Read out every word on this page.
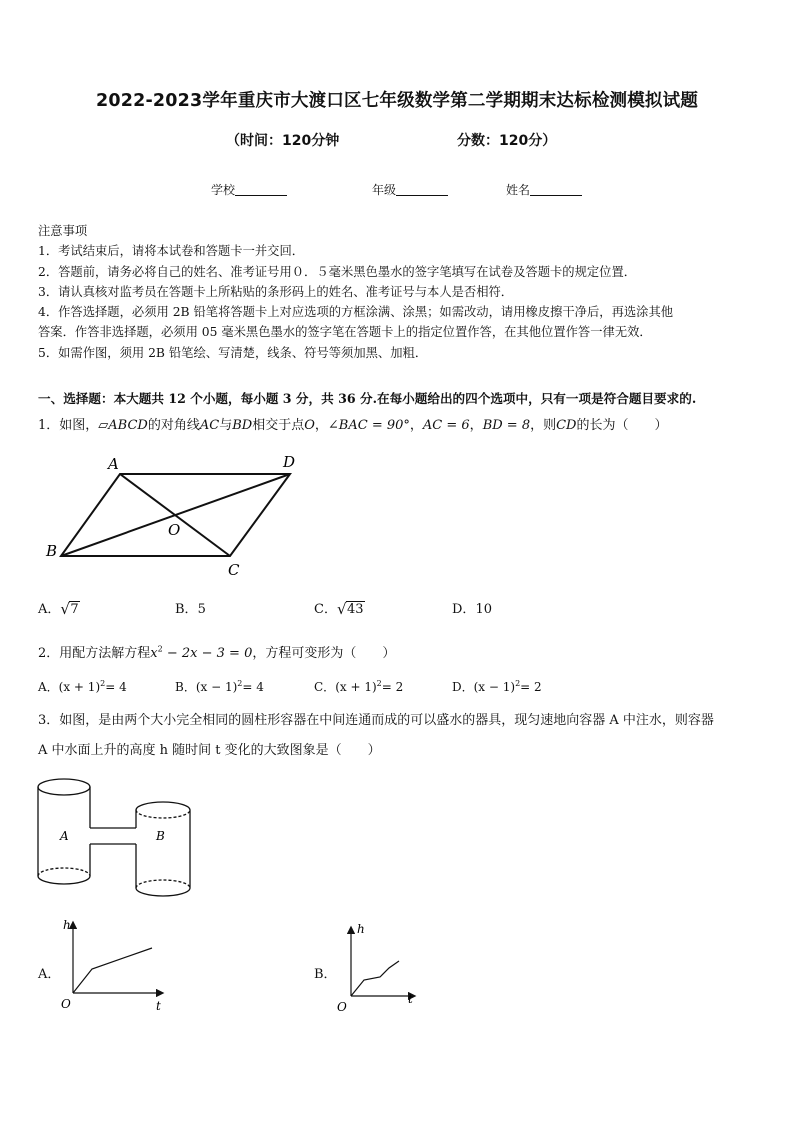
2022-2023学年重庆市大渡口区七年级数学第二学期期末达标检测模拟试题
（时间：120分钟	分数：120分）
学校	年级	姓名
注意事项
1．考试结束后，请将本试卷和答题卡一并交回．
2．答题前，请务必将自己的姓名、准考证号用０．５毫米黑色墨水的签字笔填写在试卷及答题卡的规定位置．
3．请认真核对监考员在答题卡上所粘贴的条形码上的姓名、准考证号与本人是否相符．
4．作答选择题，必须用 2B 铅笔将答题卡上对应选项的方框涂满、涂黑；如需改动，请用橡皮擦干净后，再选涂其他
答案．作答非选择题，必须用 05 毫米黑色墨水的签字笔在答题卡上的指定位置作答，在其他位置作答一律无效．
5．如需作图，须用 2B 铅笔绘、写清楚，线条、符号等须加黑、加粗．
一、选择题：本大题共 12 个小题，每小题 3 分，共 36 分.在每小题给出的四个选项中，只有一项是符合题目要求的.
1．如图，▱ABCD的对角线AC与BD相交于点O，∠BAC = 90°，AC = 6，BD = 8，则CD的长为（　　）
A	D
O
B
C
A． √ 7	B．5	C． √ 43	D．10
2．用配方法解方程$x^2 - 2x - 3 = 0$，方程可变形为（　　）
A．$(x + 1)^2= 4$	B．$(x - 1)^2= 4$	C．$(x + 1)^2= 2$	D．$(x - 1)^2= 2$
3．如图，是由两个大小完全相同的圆柱形容器在中间连通而成的可以盛水的器具，现匀速地向容器 A 中注水，则容器
A 中水面上升的高度 h 随时间 t 变化的大致图象是（　　）
A	B
A．
h
t
O
B．
h
t
O
